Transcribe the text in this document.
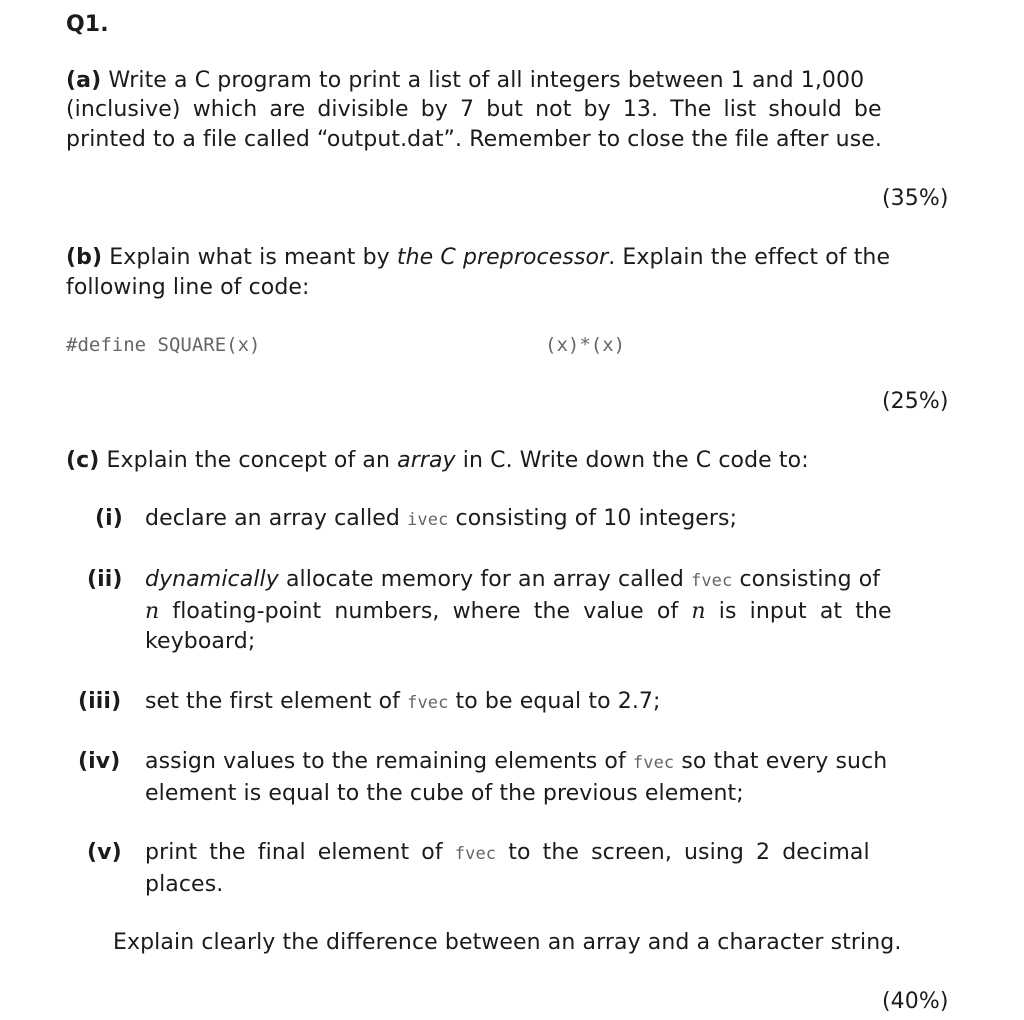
Q1.
(a) Write a C program to print a list of all integers between 1 and 1,000
(inclusive) which are divisible by 7 but not by 13. The list should be
printed to a file called “output.dat”. Remember to close the file after use.
(35%)
(b) Explain what is meant by the C preprocessor. Explain the effect of the
following line of code:
#define SQUARE(x)	(x)*(x)
(25%)
(c) Explain the concept of an array in C. Write down the C code to:
(i) declare an array called ivec consisting of 10 integers;
(ii) dynamically allocate memory for an array called fvec consisting of
n floating-point numbers, where the value of n is input at the
keyboard;
(iii) set the first element of fvec to be equal to 2.7;
(iv) assign values to the remaining elements of fvec so that every such
element is equal to the cube of the previous element;
(v) print the final element of fvec to the screen, using 2 decimal
places.
Explain clearly the difference between an array and a character string.
(40%)
